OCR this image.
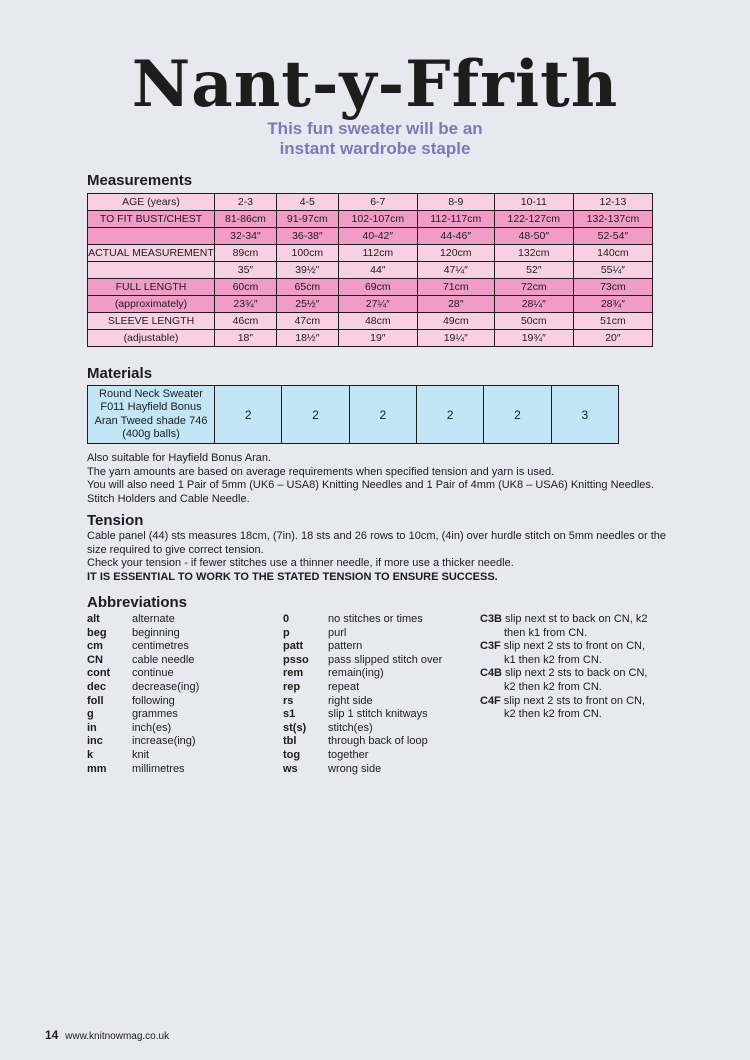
Nant-y-Ffrith
This fun sweater will be an
instant wardrobe staple
Measurements
AGE (years)	2-3	4-5	6-7	8-9	10-11	12-13
TO FIT BUST/CHEST	81-86cm	91-97cm	102-107cm	112-117cm	122-127cm	132-137cm
	32-34"	36-38″	40-42″	44-46″	48-50″	52-54″
ACTUAL MEASUREMENT	89cm	100cm	112cm	120cm	132cm	140cm
	35″	39½"	44″	47¼″	52″	55¼″
FULL LENGTH	60cm	65cm	69cm	71cm	72cm	73cm
(approximately)	23¾″	25½″	27¼″	28″	28¼″	28¾″
SLEEVE LENGTH	46cm	47cm	48cm	49cm	50cm	51cm
(adjustable)	18"	18½″	19″	19¼″	19¾″	20″
Materials
Round Neck Sweater
F011 Hayfield Bonus
Aran Tweed shade 746
(400g balls)
	2	2	2	2	2	3

Also suitable for Hayfield Bonus Aran.

The yarn amounts are based on average requirements when specified tension and yarn is used.

You will also need 1 Pair of 5mm (UK6 – USA8) Knitting Needles and 1 Pair of 4mm (UK8 – USA6) Knitting Needles. Stitch Holders and Cable Needle.

Tension

Cable panel (44) sts measures 18cm, (7in). 18 sts and 26 rows to 10cm, (4in) over hurdle stitch on 5mm needles or the size required to give correct tension.

Check your tension - if fewer stitches use a thinner needle, if more use a thicker needle.

IT IS ESSENTIAL TO WORK TO THE STATED TENSION TO ENSURE SUCCESS.

Abbreviations
alt	alternate
beg	beginning
cm	centimetres
CN	cable needle
cont	continue
dec	decrease(ing)
foll	following
g	grammes
in	inch(es)
inc	increase(ing)
k	knit
mm	millimetres
0	no stitches or times
p	purl
patt	pattern
psso	pass slipped stitch over
rem	remain(ing)
rep	repeat
rs	right side
s1	slip 1 stitch knitways
st(s)	stitch(es)
tbl	through back of loop
tog	together
ws	wrong side
C3B slip next st to back on CN, k2
then k1 from CN.
C3F slip next 2 sts to front on CN,
k1 then k2 from CN.
C4B slip next 2 sts to back on CN,
k2 then k2 from CN.
C4F slip next 2 sts to front on CN,
k2 then k2 from CN.
14 www.knitnowmag.co.uk
